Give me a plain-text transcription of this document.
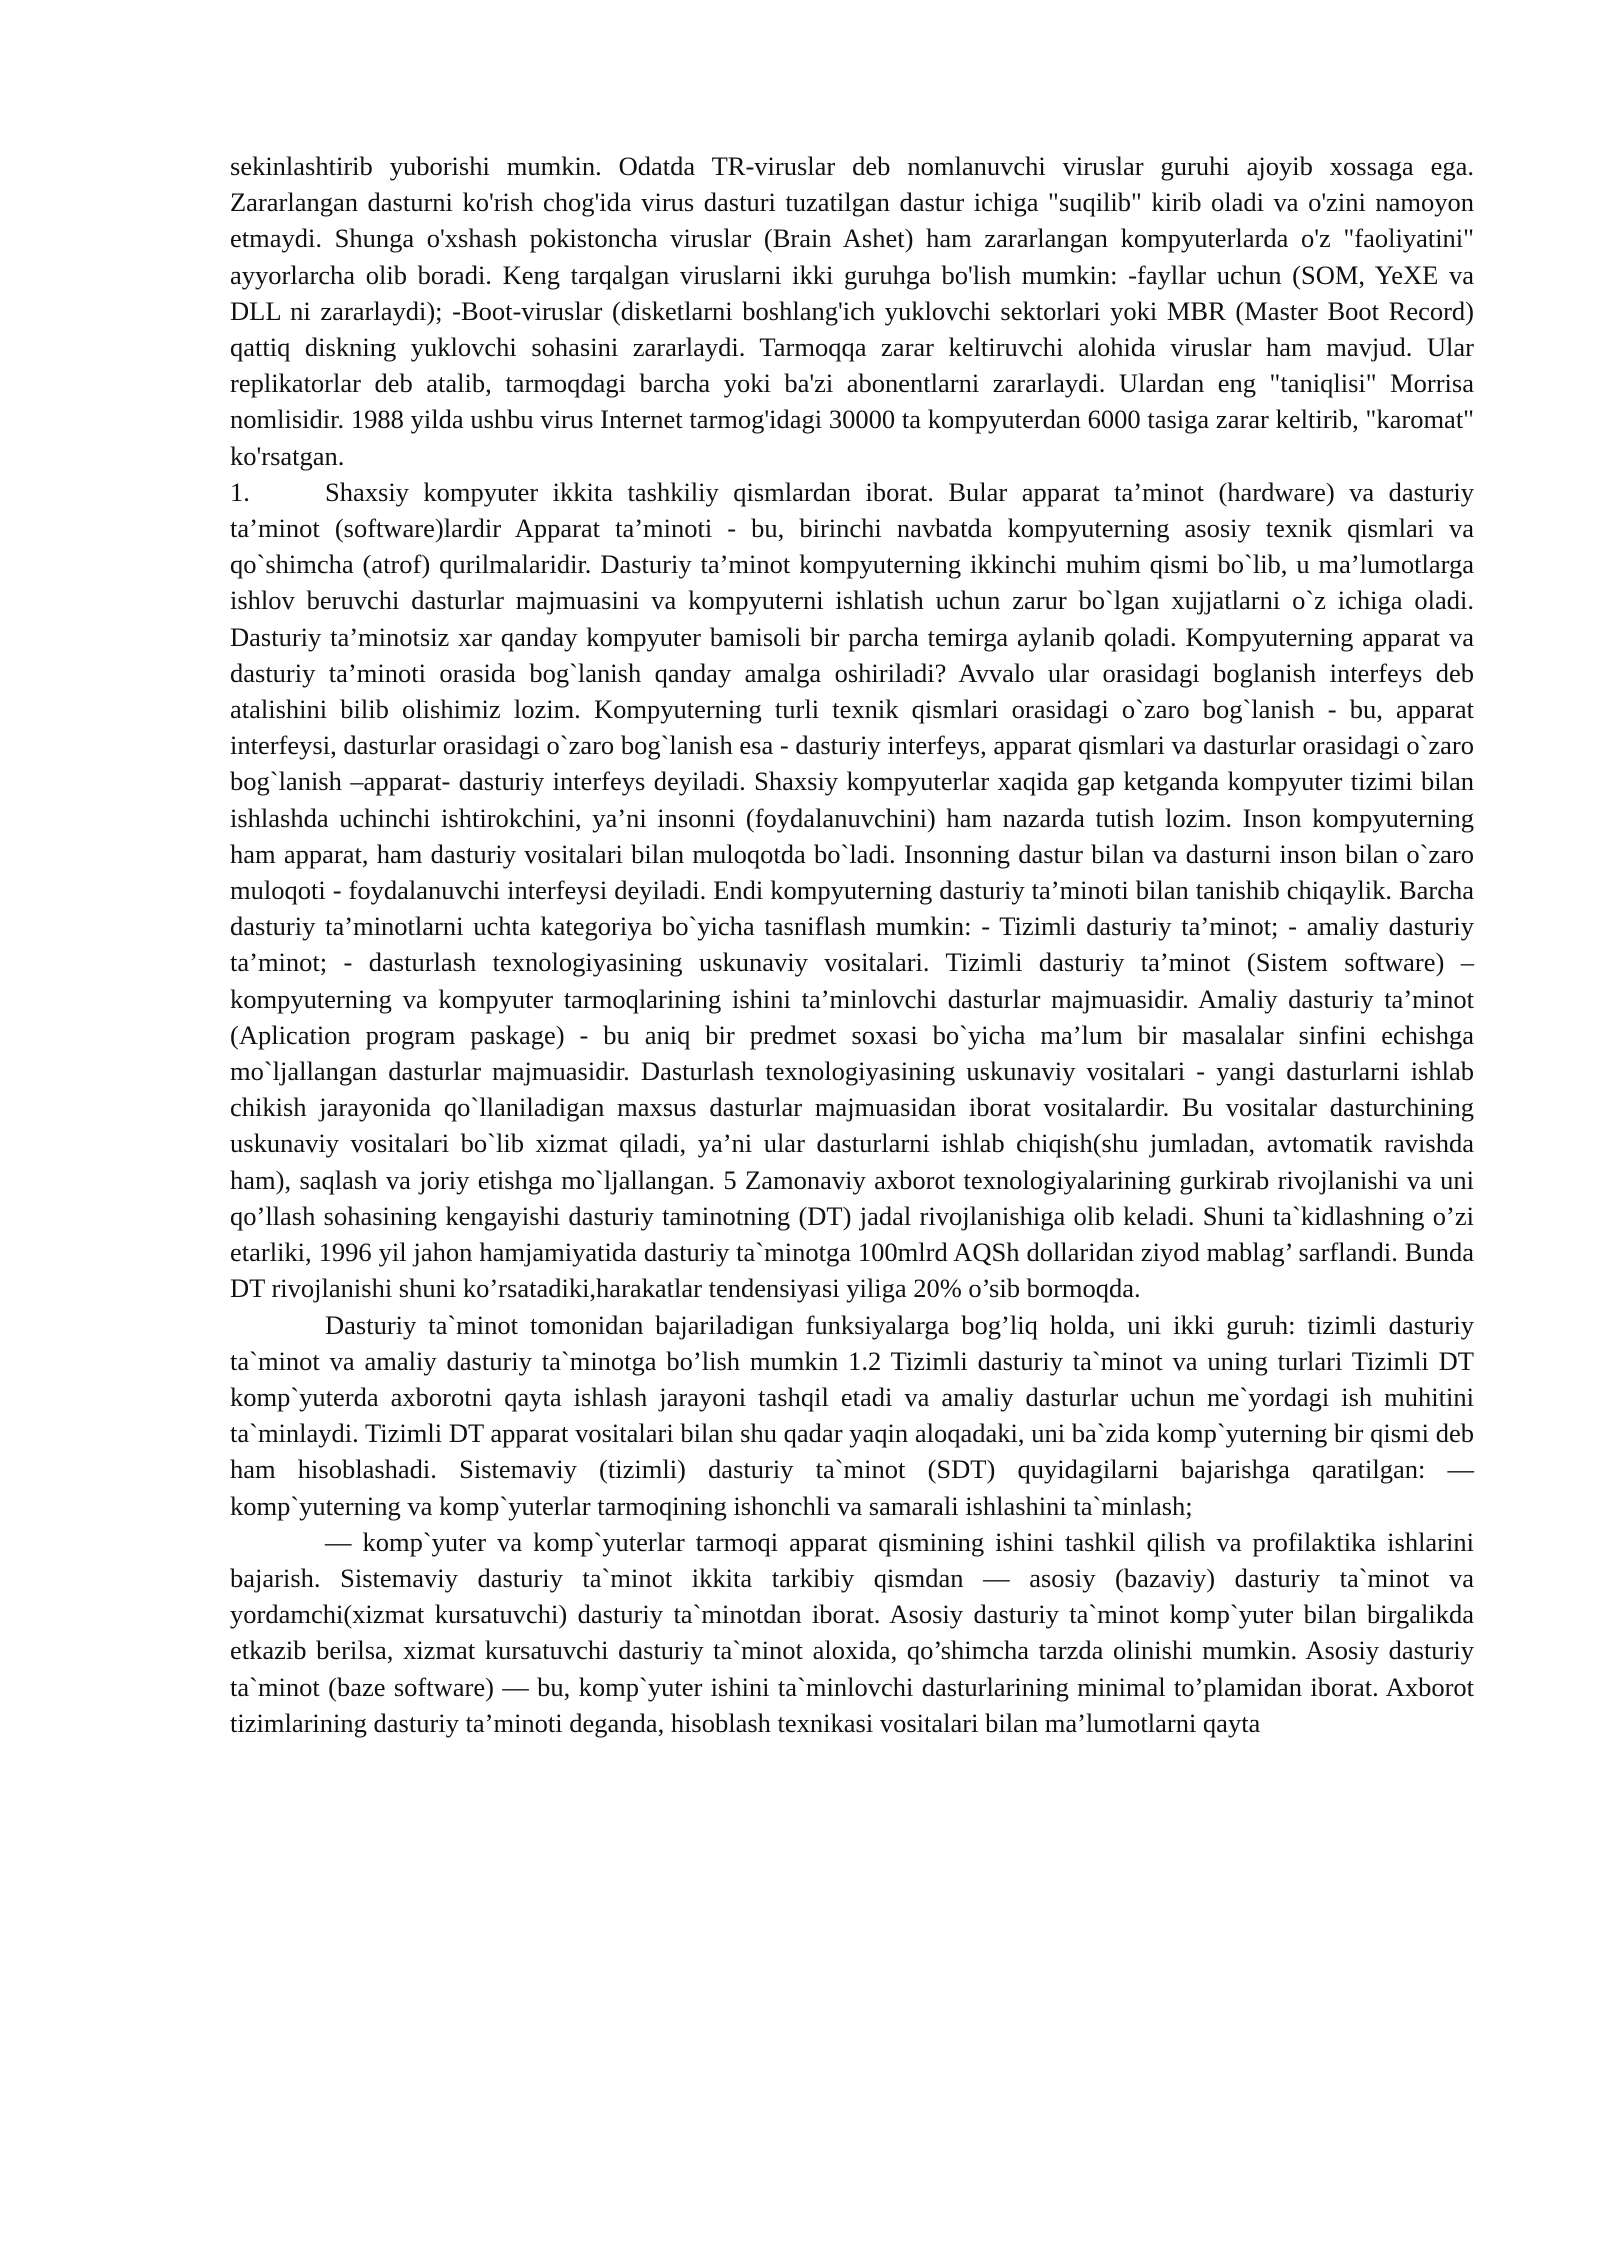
sekinlashtirib yuborishi mumkin. Odatda TR-viruslar deb nomlanuvchi viruslar guruhi ajoyib xossaga ega. Zararlangan dasturni ko'rish chog'ida virus dasturi tuzatilgan dastur ichiga "suqilib" kirib oladi va o'zini namoyon etmaydi. Shunga o'xshash pokistoncha viruslar (Brain Ashet) ham zararlangan kompyuterlarda o'z "faoliyatini" ayyorlarcha olib boradi. Keng tarqalgan viruslarni ikki guruhga bo'lish mumkin: -fayllar uchun (SOM, YeXE va DLL ni zararlaydi); -Boot-viruslar (disketlarni boshlang'ich yuklovchi sektorlari yoki MBR (Master Boot Record) qattiq diskning yuklovchi sohasini zararlaydi. Tarmoqqa zarar keltiruvchi alohida viruslar ham mavjud. Ular replikatorlar deb atalib, tarmoqdagi barcha yoki ba'zi abonentlarni zararlaydi. Ulardan eng "taniqlisi" Morrisa nomlisidir. 1988 yilda ushbu virus Internet tarmog'idagi 30000 ta kompyuterdan 6000 tasiga zarar keltirib, "karomat" ko'rsatgan.

1.	Shaxsiy kompyuter ikkita tashkiliy qismlardan iborat. Bular apparat ta’minot (hardware) va dasturiy ta’minot (software)lardir Apparat ta’minoti - bu, birinchi navbatda kompyuterning asosiy texnik qismlari va qo`shimcha (atrof) qurilmalaridir. Dasturiy ta’minot kompyuterning ikkinchi muhim qismi bo`lib, u ma’lumotlarga ishlov beruvchi dasturlar majmuasini va kompyuterni ishlatish uchun zarur bo`lgan xujjatlarni o`z ichiga oladi. Dasturiy ta’minotsiz xar qanday kompyuter bamisoli bir parcha temirga aylanib qoladi. Kompyuterning apparat va dasturiy ta’minoti orasida bog`lanish qanday amalga oshiriladi? Avvalo ular orasidagi boglanish interfeys deb atalishini bilib olishimiz lozim. Kompyuterning turli texnik qismlari orasidagi o`zaro bog`lanish - bu, apparat interfeysi, dasturlar orasidagi o`zaro bog`lanish esa - dasturiy interfeys, apparat qismlari va dasturlar orasidagi o`zaro bog`lanish –apparat- dasturiy interfeys deyiladi. Shaxsiy kompyuterlar xaqida gap ketganda kompyuter tizimi bilan ishlashda uchinchi ishtirokchini, ya’ni insonni (foydalanuvchini) ham nazarda tutish lozim. Inson kompyuterning ham apparat, ham dasturiy vositalari bilan muloqotda bo`ladi. Insonning dastur bilan va dasturni inson bilan o`zaro muloqoti - foydalanuvchi interfeysi deyiladi. Endi kompyuterning dasturiy ta’minoti bilan tanishib chiqaylik. Barcha dasturiy ta’minotlarni uchta kategoriya bo`yicha tasniflash mumkin: - Tizimli dasturiy ta’minot; - amaliy dasturiy ta’minot; - dasturlash texnologiyasining uskunaviy vositalari. Tizimli dasturiy ta’minot (Sistem software) – kompyuterning va kompyuter tarmoqlarining ishini ta’minlovchi dasturlar majmuasidir. Amaliy dasturiy ta’minot (Aplication program paskage) - bu aniq bir predmet soxasi bo`yicha ma’lum bir masalalar sinfini echishga mo`ljallangan dasturlar majmuasidir. Dasturlash texnologiyasining uskunaviy vositalari - yangi dasturlarni ishlab chikish jarayonida qo`llaniladigan maxsus dasturlar majmuasidan iborat vositalardir. Bu vositalar dasturchining uskunaviy vositalari bo`lib xizmat qiladi, ya’ni ular dasturlarni ishlab chiqish(shu jumladan, avtomatik ravishda ham), saqlash va joriy etishga mo`ljallangan. 5 Zamonaviy axborot texnologiyalarining gurkirab rivojlanishi va uni qo’llash sohasining kengayishi dasturiy taminotning (DT) jadal rivojlanishiga olib keladi. Shuni ta`kidlashning o’zi etarliki, 1996 yil jahon hamjamiyatida dasturiy ta`minotga 100mlrd AQSh dollaridan ziyod mablag’ sarflandi. Bunda DT rivojlanishi shuni ko’rsatadiki,harakatlar tendensiyasi yiliga 20% o’sib bormoqda.

Dasturiy ta`minot tomonidan bajariladigan funksiyalarga bog’liq holda, uni ikki guruh: tizimli dasturiy ta`minot va amaliy dasturiy ta`minotga bo’lish mumkin 1.2 Tizimli dasturiy ta`minot va uning turlari Tizimli DT komp`yuterda axborotni qayta ishlash jarayoni tashqil etadi va amaliy dasturlar uchun me`yordagi ish muhitini ta`minlaydi. Tizimli DT apparat vositalari bilan shu qadar yaqin aloqadaki, uni ba`zida komp`yuterning bir qismi deb ham hisoblashadi. Sistemaviy (tizimli) dasturiy ta`minot (SDT) quyidagilarni bajarishga qaratilgan: — komp`yuterning va komp`yuterlar tarmoqining ishonchli va samarali ishlashini ta`minlash;

— komp`yuter va komp`yuterlar tarmoqi apparat qismining ishini tashkil qilish va profilaktika ishlarini bajarish. Sistemaviy dasturiy ta`minot ikkita tarkibiy qismdan — asosiy (bazaviy) dasturiy ta`minot va yordamchi(xizmat kursatuvchi) dasturiy ta`minotdan iborat. Asosiy dasturiy ta`minot komp`yuter bilan birgalikda etkazib berilsa, xizmat kursatuvchi dasturiy ta`minot aloxida, qo’shimcha tarzda olinishi mumkin. Asosiy dasturiy ta`minot (baze software) — bu, komp`yuter ishini ta`minlovchi dasturlarining minimal to’plamidan iborat. Axborot tizimlarining dasturiy ta’minoti deganda, hisoblash texnikasi vositalari bilan ma’lumotlarni qayta
